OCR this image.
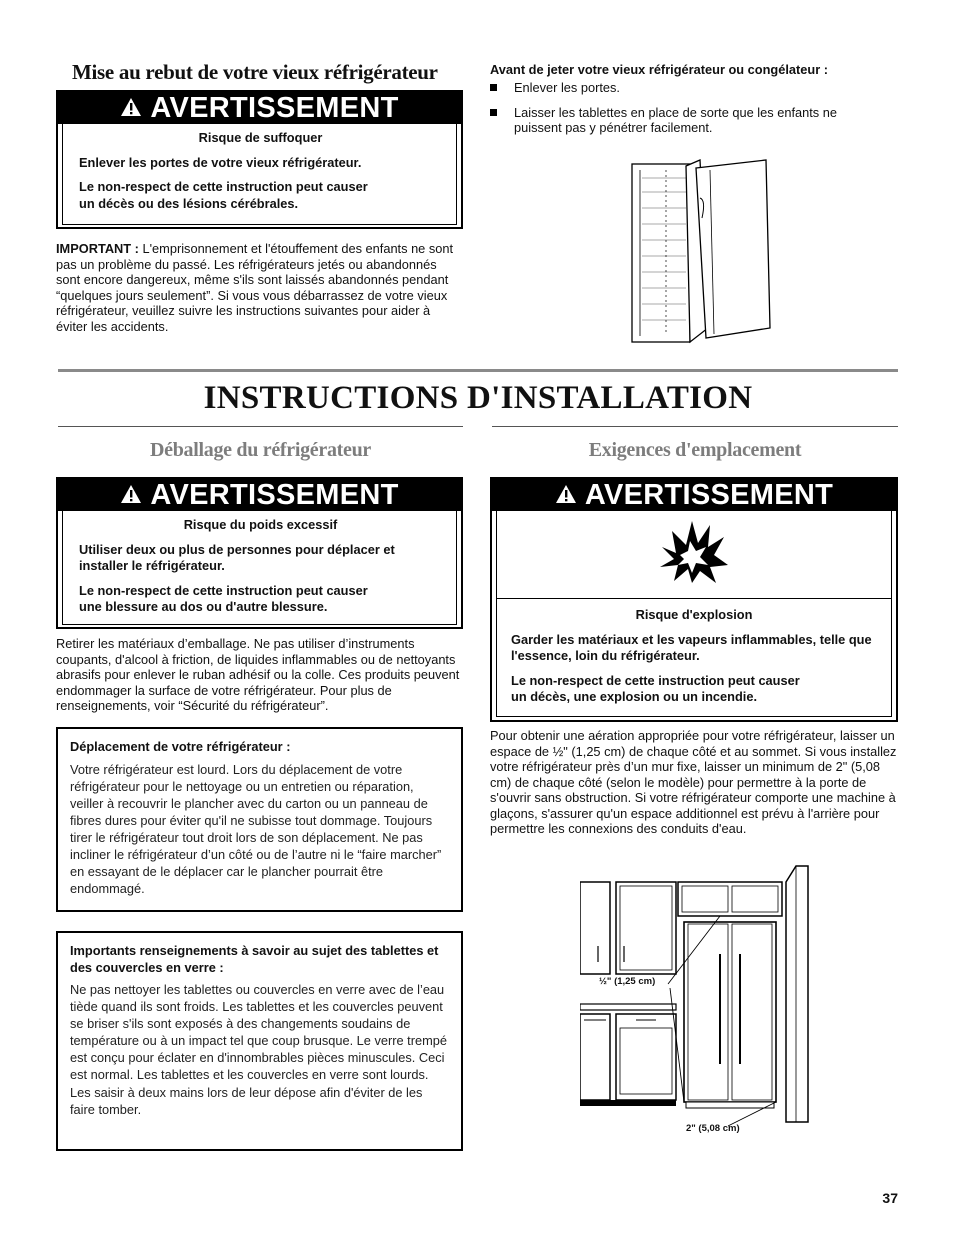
Mise au rebut de votre vieux réfrigérateur
AVERTISSEMENT

Risque de suffoquer

Enlever les portes de votre vieux réfrigérateur.

Le non-respect de cette instruction peut causer un décès ou des lésions cérébrales.

IMPORTANT : L'emprisonnement et l'étouffement des enfants ne sont pas un problème du passé. Les réfrigérateurs jetés ou abandonnés sont encore dangereux, même s'ils sont laissés abandonnés pendant “quelques jours seulement”. Si vous vous débarrassez de votre vieux réfrigérateur, veuillez suivre les instructions suivantes pour aider à éviter les accidents.
Avant de jeter votre vieux réfrigérateur ou congélateur :
Enlever les portes.
Laisser les tablettes en place de sorte que les enfants ne puissent pas y pénétrer facilement.
INSTRUCTIONS D'INSTALLATION
Déballage du réfrigérateur	Exigences d'emplacement
AVERTISSEMENT

Risque du poids excessif

Utiliser deux ou plus de personnes pour déplacer et installer le réfrigérateur.

Le non-respect de cette instruction peut causer une blessure au dos ou d'autre blessure.

Retirer les matériaux d’emballage. Ne pas utiliser d’instruments coupants, d'alcool à friction, de liquides inflammables ou de nettoyants abrasifs pour enlever le ruban adhésif ou la colle. Ces produits peuvent endommager la surface de votre réfrigérateur. Pour plus de renseignements, voir “Sécurité du réfrigérateur”.
Déplacement de votre réfrigérateur :
Votre réfrigérateur est lourd. Lors du déplacement de votre réfrigérateur pour le nettoyage ou un entretien ou réparation, veiller à recouvrir le plancher avec du carton ou un panneau de fibres dures pour éviter qu'il ne subisse tout dommage. Toujours tirer le réfrigérateur tout droit lors de son déplacement. Ne pas incliner le réfrigérateur d’un côté ou de l’autre ni le “faire marcher” en essayant de le déplacer car le plancher pourrait être endommagé.
Importants renseignements à savoir au sujet des tablettes et des couvercles en verre :
Ne pas nettoyer les tablettes ou couvercles en verre avec de l’eau tiède quand ils sont froids. Les tablettes et les couvercles peuvent se briser s'ils sont exposés à des changements soudains de température ou à un impact tel que coup brusque. Le verre trempé est conçu pour éclater en d'innombrables pièces minuscules. Ceci est normal. Les tablettes et les couvercles en verre sont lourds. Les saisir à deux mains lors de leur dépose afin d'éviter de les faire tomber.
AVERTISSEMENT

Risque d'explosion

Garder les matériaux et les vapeurs inflammables, telle que l'essence, loin du réfrigérateur.

Le non-respect de cette instruction peut causer un décès, une explosion ou un incendie.

Pour obtenir une aération appropriée pour votre réfrigérateur, laisser un espace de ½" (1,25 cm) de chaque côté et au sommet. Si vous installez votre réfrigérateur près d’un mur fixe, laisser un minimum de 2" (5,08 cm) de chaque côté (selon le modèle) pour permettre à la porte de s'ouvrir sans obstruction. Si votre réfrigérateur comporte une machine à glaçons, s'assurer qu'un espace additionnel est prévu à l'arrière pour permettre les connexions des conduits d'eau.
½" (1,25 cm)
2" (5,08 cm)
37
